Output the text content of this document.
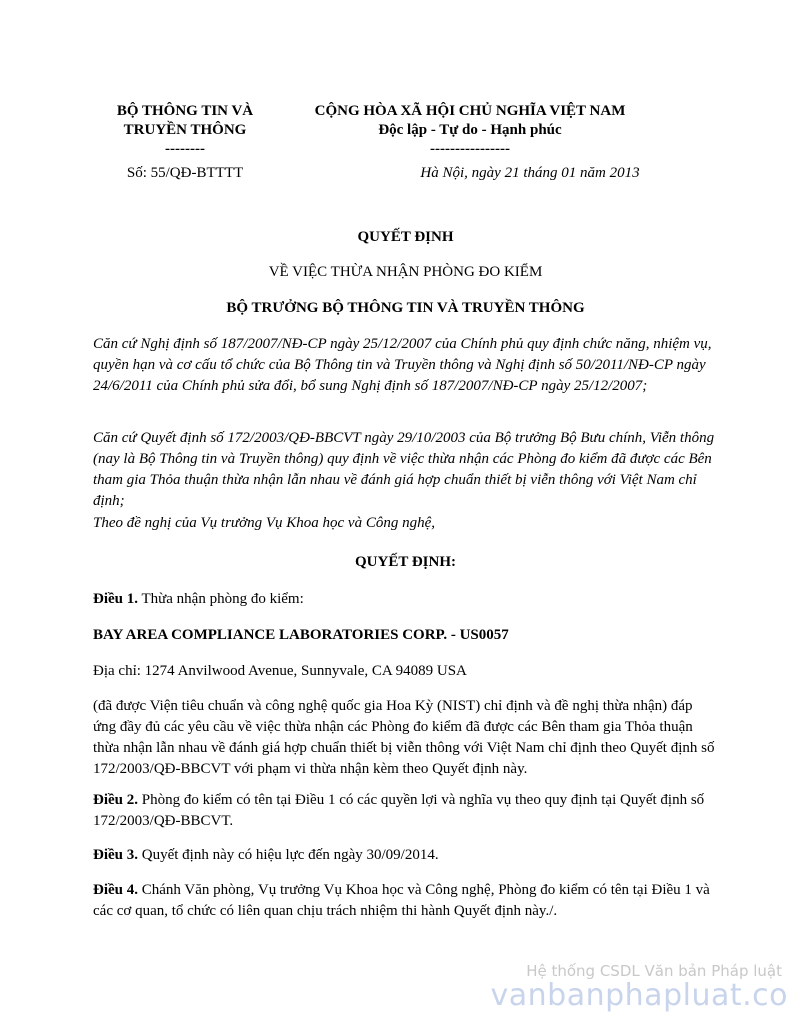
BỘ THÔNG TIN VÀ
TRUYỀN THÔNG
--------
Số: 55/QĐ-BTTTT
CỘNG HÒA XÃ HỘI CHỦ NGHĨA VIỆT NAM
Độc lập - Tự do - Hạnh phúc
----------------
Hà Nội, ngày 21 tháng 01 năm 2013
QUYẾT ĐỊNH
VỀ VIỆC THỪA NHẬN PHÒNG ĐO KIỂM
BỘ TRƯỞNG BỘ THÔNG TIN VÀ TRUYỀN THÔNG
Căn cứ Nghị định số 187/2007/NĐ-CP ngày 25/12/2007 của Chính phủ quy định chức năng, nhiệm vụ, quyền hạn và cơ cấu tổ chức của Bộ Thông tin và Truyền thông và Nghị định số 50/2011/NĐ-CP ngày 24/6/2011 của Chính phủ sửa đổi, bổ sung Nghị định số 187/2007/NĐ-CP ngày 25/12/2007;
Căn cứ Quyết định số 172/2003/QĐ-BBCVT ngày 29/10/2003 của Bộ trưởng Bộ Bưu chính, Viễn thông (nay là Bộ Thông tin và Truyền thông) quy định về việc thừa nhận các Phòng đo kiểm đã được các Bên tham gia Thỏa thuận thừa nhận lẫn nhau về đánh giá hợp chuẩn thiết bị viễn thông với Việt Nam chỉ định;
Theo đề nghị của Vụ trưởng Vụ Khoa học và Công nghệ,
QUYẾT ĐỊNH:
Điều 1. Thừa nhận phòng đo kiểm:
BAY AREA COMPLIANCE LABORATORIES CORP. - US0057
Địa chỉ: 1274 Anvilwood Avenue, Sunnyvale, CA 94089 USA
(đã được Viện tiêu chuẩn và công nghệ quốc gia Hoa Kỳ (NIST) chỉ định và đề nghị thừa nhận) đáp ứng đầy đủ các yêu cầu về việc thừa nhận các Phòng đo kiểm đã được các Bên tham gia Thỏa thuận thừa nhận lẫn nhau về đánh giá hợp chuẩn thiết bị viễn thông với Việt Nam chỉ định theo Quyết định số 172/2003/QĐ-BBCVT với phạm vi thừa nhận kèm theo Quyết định này.
Điều 2. Phòng đo kiểm có tên tại Điều 1 có các quyền lợi và nghĩa vụ theo quy định tại Quyết định số 172/2003/QĐ-BBCVT.
Điều 3. Quyết định này có hiệu lực đến ngày 30/09/2014.
Điều 4. Chánh Văn phòng, Vụ trưởng Vụ Khoa học và Công nghệ, Phòng đo kiểm có tên tại Điều 1 và các cơ quan, tổ chức có liên quan chịu trách nhiệm thi hành Quyết định này./.
Hệ thống CSDL Văn bản Pháp luật
vanbanphapluat.co
